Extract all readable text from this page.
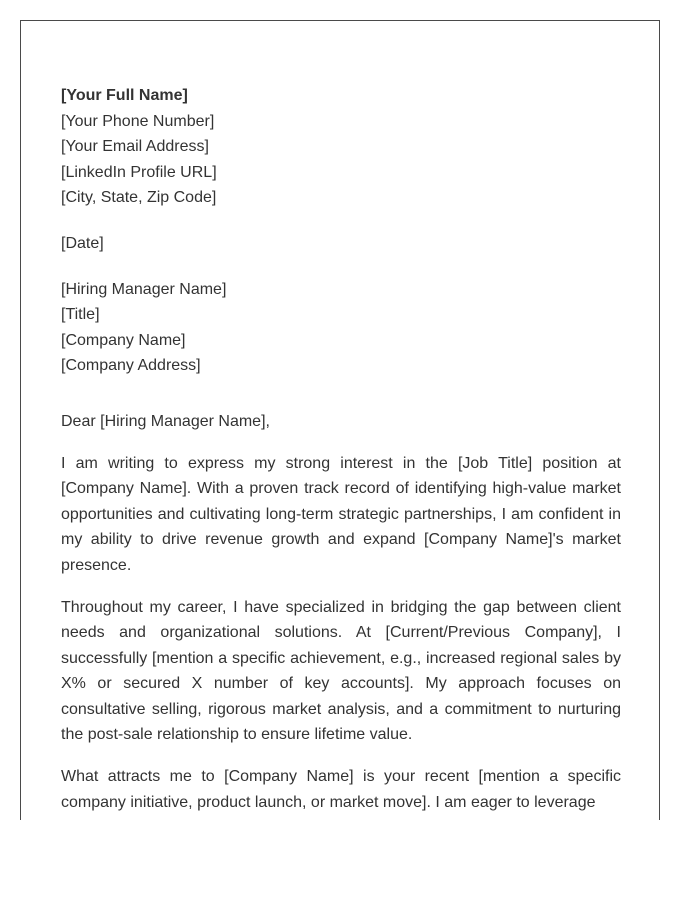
[Your Full Name]
[Your Phone Number]
[Your Email Address]
[LinkedIn Profile URL]
[City, State, Zip Code]
[Date]
[Hiring Manager Name]
[Title]
[Company Name]
[Company Address]
Dear [Hiring Manager Name],

I am writing to express my strong interest in the [Job Title] position at [Company Name]. With a proven track record of identifying high-value market opportunities and cultivating long-term strategic partnerships, I am confident in my ability to drive revenue growth and expand [Company Name]'s market presence.

Throughout my career, I have specialized in bridging the gap between client needs and organizational solutions. At [Current/Previous Company], I successfully [mention a specific achievement, e.g., increased regional sales by X% or secured X number of key accounts]. My approach focuses on consultative selling, rigorous market analysis, and a commitment to nurturing the post-sale relationship to ensure lifetime value.

What attracts me to [Company Name] is your recent [mention a specific company initiative, product launch, or market move]. I am eager to leverage
